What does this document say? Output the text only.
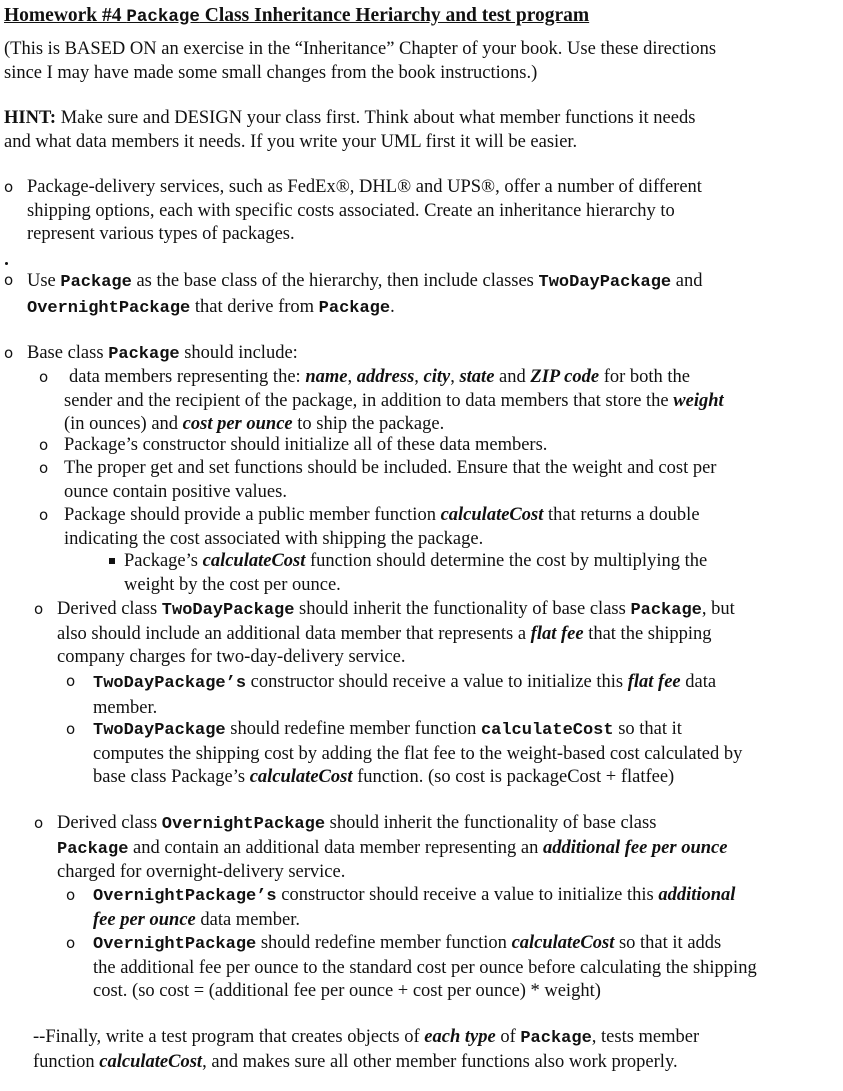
Homework #4 Package Class Inheritance Heriarchy and test program
(This is BASED ON an exercise in the “Inheritance” Chapter of your book. Use these directions
since I may have made some small changes from the book instructions.)
HINT: Make sure and DESIGN your class first. Think about what member functions it needs
and what data members it needs. If you write your UML first it will be easier.
o Package-delivery services, such as FedEx®, DHL® and UPS®, offer a number of different
shipping options, each with specific costs associated. Create an inheritance hierarchy to
represent various types of packages.
o Use Package as the base class of the hierarchy, then include classes TwoDayPackage and
OvernightPackage that derive from Package.
o Base class Package should include:
o data members representing the: name, address, city, state and ZIP code for both the
sender and the recipient of the package, in addition to data members that store the weight
(in ounces) and cost per ounce to ship the package.
o Package’s constructor should initialize all of these data members.
o The proper get and set functions should be included. Ensure that the weight and cost per
ounce contain positive values.
o Package should provide a public member function calculateCost that returns a double
indicating the cost associated with shipping the package.
Package’s calculateCost function should determine the cost by multiplying the
weight by the cost per ounce.
o Derived class TwoDayPackage should inherit the functionality of base class Package, but
also should include an additional data member that represents a flat fee that the shipping
company charges for two-day-delivery service.
o TwoDayPackage’s constructor should receive a value to initialize this flat fee data
member.
o TwoDayPackage should redefine member function calculateCost so that it
computes the shipping cost by adding the flat fee to the weight-based cost calculated by
base class Package’s calculateCost function. (so cost is packageCost + flatfee)
o Derived class OvernightPackage should inherit the functionality of base class
Package and contain an additional data member representing an additional fee per ounce
charged for overnight-delivery service.
o OvernightPackage’s constructor should receive a value to initialize this additional
fee per ounce data member.
o OvernightPackage should redefine member function calculateCost so that it adds
the additional fee per ounce to the standard cost per ounce before calculating the shipping
cost. (so cost = (additional fee per ounce + cost per ounce) * weight)
--Finally, write a test program that creates objects of each type of Package, tests member
function calculateCost, and makes sure all other member functions also work properly.
